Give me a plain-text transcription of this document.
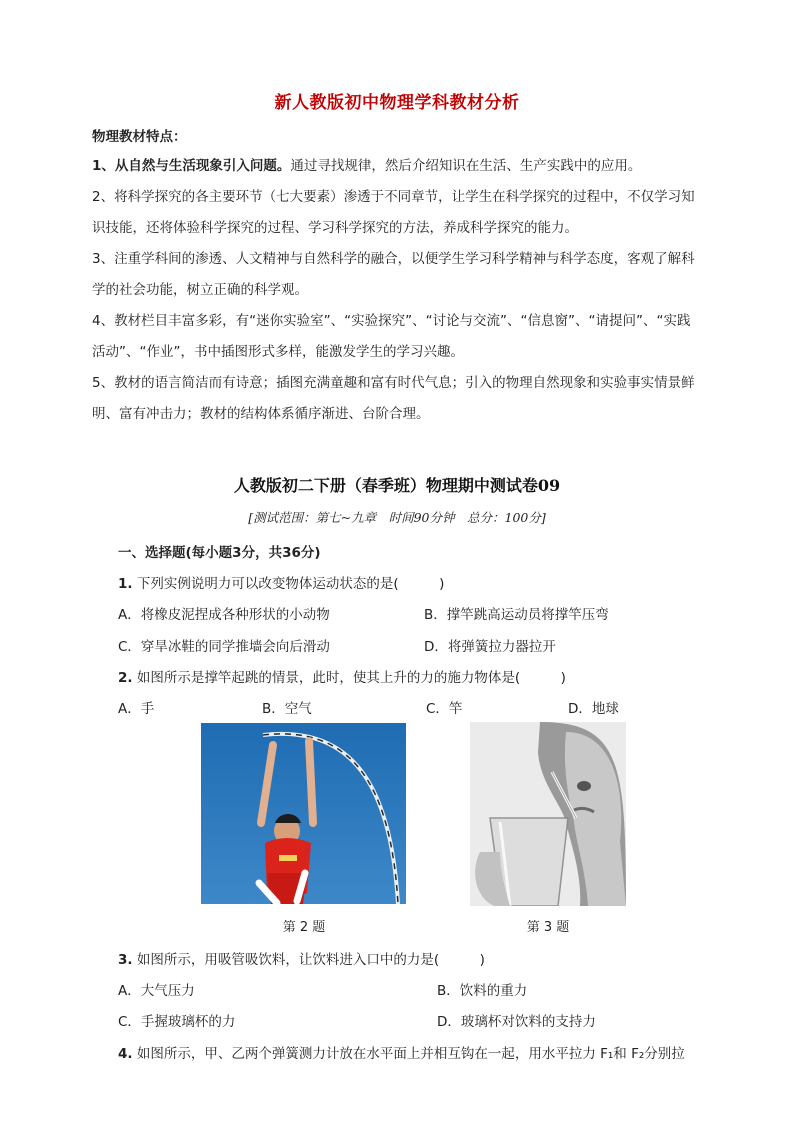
新人教版初中物理学科教材分析
物理教材特点：
1、从自然与生活现象引入问题。通过寻找规律，然后介绍知识在生活、生产实践中的应用。
2、将科学探究的各主要环节（七大要素）渗透于不同章节，让学生在科学探究的过程中，不仅学习知识技能，还将体验科学探究的过程、学习科学探究的方法，养成科学探究的能力。
3、注重学科间的渗透、人文精神与自然科学的融合，以便学生学习科学精神与科学态度，客观了解科学的社会功能，树立正确的科学观。
4、教材栏目丰富多彩，有“迷你实验室”、“实验探究”、“讨论与交流”、“信息窗”、“请提问”、“实践活动”、“作业”，书中插图形式多样，能激发学生的学习兴趣。
5、教材的语言简洁而有诗意；插图充满童趣和富有时代气息；引入的物理自然现象和实验事实情景鲜明、富有冲击力；教材的结构体系循序渐进、台阶合理。
人教版初二下册（春季班）物理期中测试卷09
[测试范围：第七~九章　时间90分钟　总分：100分]
一、选择题(每小题3分，共36分)
1. 下列实例说明力可以改变物体运动状态的是(　　　)
A．将橡皮泥捏成各种形状的小动物	B．撑竿跳高运动员将撑竿压弯
C．穿旱冰鞋的同学推墙会向后滑动	D．将弹簧拉力器拉开
2. 如图所示是撑竿起跳的情景，此时，使其上升的力的施力物体是(　　　)
A．手	B．空气	C．竿	D．地球
第 2 题	第 3 题
3. 如图所示，用吸管吸饮料，让饮料进入口中的力是(　　　)
A．大气压力	B．饮料的重力
C．手握玻璃杯的力	D．玻璃杯对饮料的支持力
4. 如图所示，甲、乙两个弹簧测力计放在水平面上并相互钩在一起，用水平拉力 F₁和 F₂分别拉
